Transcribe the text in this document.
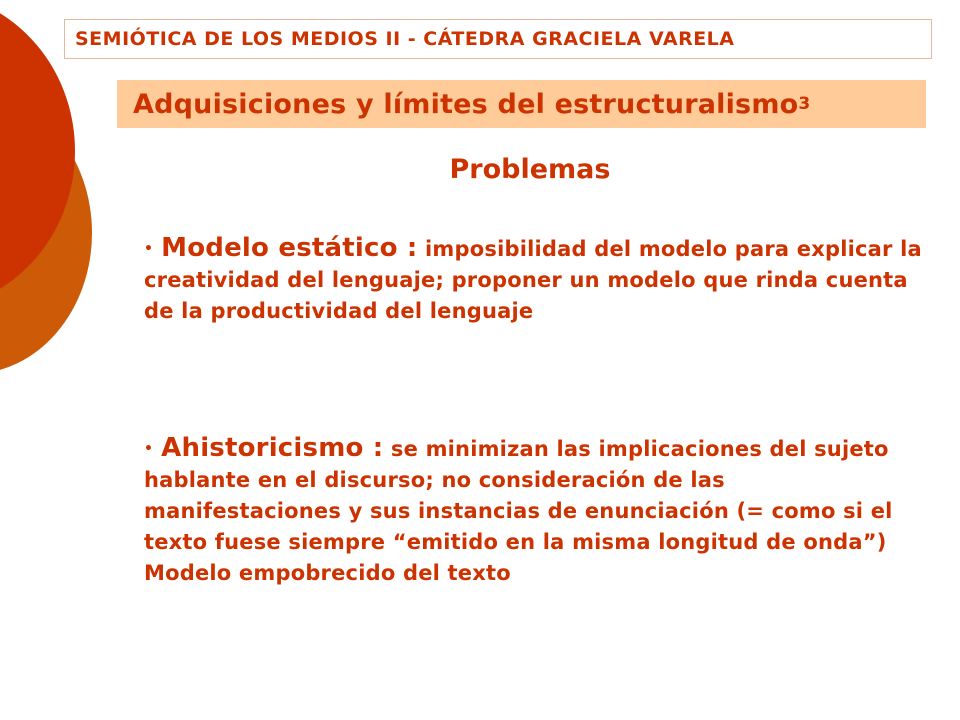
SEMIÓTICA DE LOS MEDIOS II - CÁTEDRA GRACIELA VARELA
Adquisiciones y límites del estructuralismo 3
Problemas
• Modelo estático : imposibilidad del modelo para explicar la creatividad del lenguaje; proponer un modelo que rinda cuenta de la productividad del lenguaje
• Ahistoricismo : se minimizan las implicaciones del sujeto hablante en el discurso; no consideración de las manifestaciones y sus instancias de enunciación (= como si el texto fuese siempre “emitido en la misma longitud de onda”) Modelo empobrecido del texto
